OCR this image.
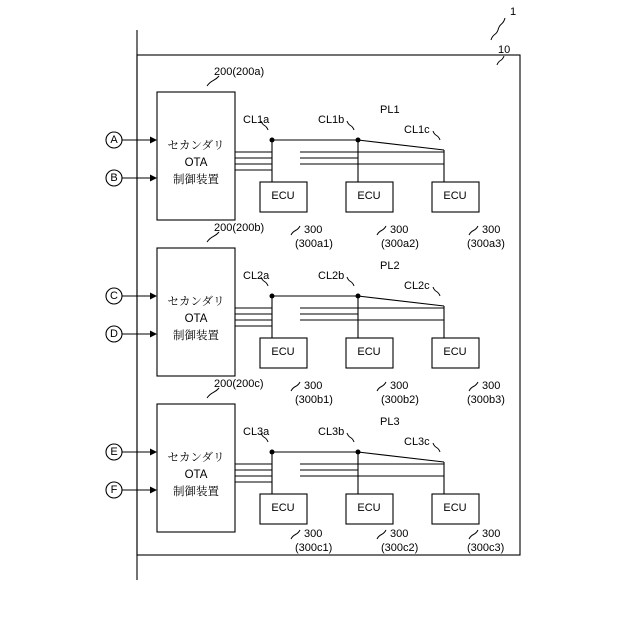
1
10
200(200a)
セカンダリ
OTA
制御装置
A
B
CL1a	CL1b
CL1c
PL1
ECU	ECU	ECU
300
(300a1)
300
(300a2)
300
(300a3)
200(200b)
セカンダリ
OTA
制御装置
C
D
CL2a	CL2b
CL2c
PL2
ECU	ECU	ECU
300
(300b1)
300
(300b2)
300
(300b3)
200(200c)
セカンダリ
OTA
制御装置
E
F
CL3a	CL3b
CL3c
PL3
ECU	ECU	ECU
300
(300c1)
300
(300c2)
300
(300c3)
